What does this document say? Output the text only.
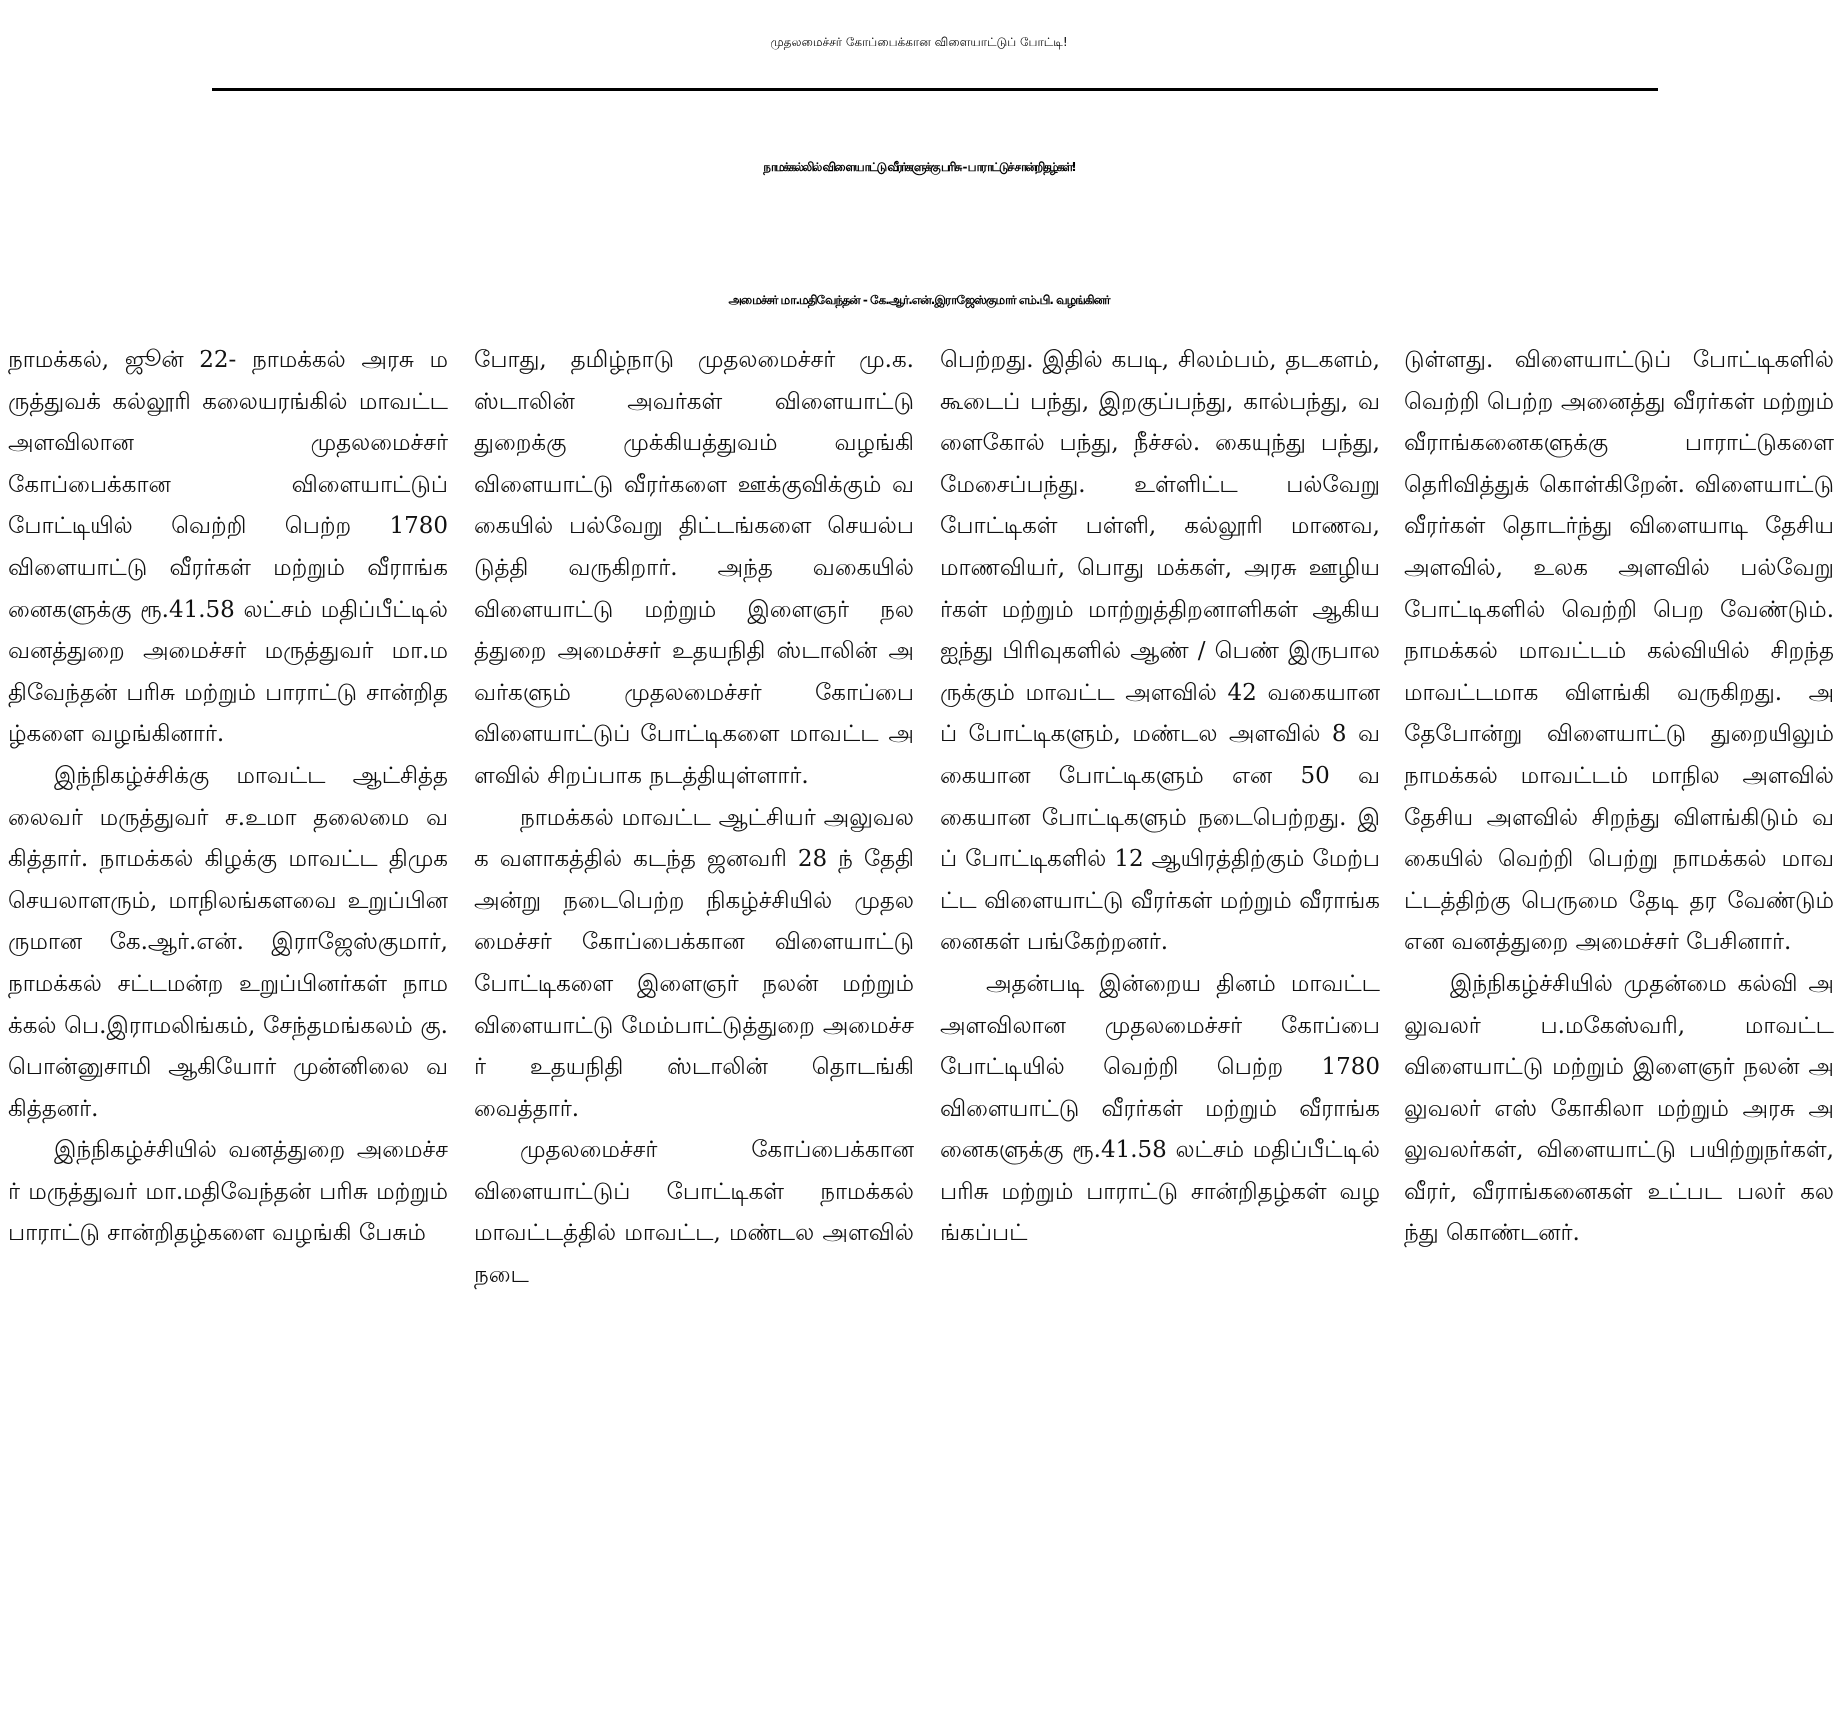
முதலமைச்சர் கோப்பைக்கான விளையாட்டுப் போட்டி!
நாமக்கல்லில் விளையாட்டு வீரர்களுக்கு பரிசு - பாராட்டுச் சான்றிதழ்கள்!
அமைச்சர் மா.மதிவேந்தன் - கே.ஆர்.என்.இராஜேஸ்குமார் எம்.பி. வழங்கினர்

நாமக்கல், ஜூன் 22- நாமக்கல் அரசு மருத்துவக் கல்லூரி கலையரங்கில் மாவட்ட அளவிலான முதலமைச்சர் கோப்பைக்கான விளையாட்டுப் போட்டியில் வெற்றி பெற்ற 1780 விளையாட்டு வீரர்கள் மற்றும் வீராங்கனைகளுக்கு ரூ.41.58 லட்சம் மதிப்பீட்டில் வனத்துறை அமைச்சர் மருத்துவர் மா.மதிவேந்தன் பரிசு மற்றும் பாராட்டு சான்றிதழ்களை வழங்கினார்.

இந்நிகழ்ச்சிக்கு மாவட்ட ஆட்சித்தலைவர் மருத்துவர் ச.உமா தலைமை வகித்தார். நாமக்கல் கிழக்கு மாவட்ட திமுக செயலாளரும், மாநிலங்களவை உறுப்பினருமான கே.ஆர்.என். இராஜேஸ்குமார், நாமக்கல் சட்டமன்ற உறுப்பினர்கள் நாமக்கல் பெ.இராமலிங்கம், சேந்தமங்கலம் கு. பொன்னுசாமி ஆகியோர் முன்னிலை வகித்தனர்.

இந்நிகழ்ச்சியில் வனத்துறை அமைச்சர் மருத்துவர் மா.மதிவேந்தன் பரிசு மற்றும் பாராட்டு சான்றிதழ்களை வழங்கி பேசும்

போது, தமிழ்நாடு முதலமைச்சர் மு.க.ஸ்டாலின் அவர்கள் விளையாட்டு துறைக்கு முக்கியத்துவம் வழங்கி விளையாட்டு வீரர்களை ஊக்குவிக்கும் வகையில் பல்வேறு திட்டங்களை செயல்படுத்தி வருகிறார். அந்த வகையில் விளையாட்டு மற்றும் இளைஞர் நலத்துறை அமைச்சர் உதயநிதி ஸ்டாலின் அவர்களும் முதலமைச்சர் கோப்பை விளையாட்டுப் போட்டிகளை மாவட்ட அளவில் சிறப்பாக நடத்தியுள்ளார்.

நாமக்கல் மாவட்ட ஆட்சியர் அலுவலக வளாகத்தில் கடந்த ஜனவரி 28 ந் தேதி அன்று நடைபெற்ற நிகழ்ச்சியில் முதலமைச்சர் கோப்பைக்கான விளையாட்டு போட்டிகளை இளைஞர் நலன் மற்றும் விளையாட்டு மேம்பாட்டுத்துறை அமைச்சர் உதயநிதி ஸ்டாலின் தொடங்கி வைத்தார்.

முதலமைச்சர் கோப்பைக்கான விளையாட்டுப் போட்டிகள் நாமக்கல் மாவட்டத்தில் மாவட்ட, மண்டல அளவில் நடை

பெற்றது. இதில் கபடி, சிலம்பம், தடகளம், கூடைப் பந்து, இறகுப்பந்து, கால்பந்து, வளைகோல் பந்து, நீச்சல். கையுந்து பந்து, மேசைப்பந்து. உள்ளிட்ட பல்வேறு போட்டிகள் பள்ளி, கல்லூரி மாணவ, மாணவியர், பொது மக்கள், அரசு ஊழியர்கள் மற்றும் மாற்றுத்திறனாளிகள் ஆகிய ஐந்து பிரிவுகளில் ஆண் / பெண் இருபாலருக்கும் மாவட்ட அளவில் 42 வகையானப் போட்டிகளும், மண்டல அளவில் 8 வகையான போட்டிகளும் என 50 வகையான போட்டிகளும் நடைபெற்றது. இப் போட்டிகளில் 12 ஆயிரத்திற்கும் மேற்பட்ட விளையாட்டு வீரர்கள் மற்றும் வீராங்கனைகள் பங்கேற்றனர்.

அதன்படி இன்றைய தினம் மாவட்ட அளவிலான முதலமைச்சர் கோப்பை போட்டியில் வெற்றி பெற்ற 1780 விளையாட்டு வீரர்கள் மற்றும் வீராங்கனைகளுக்கு ரூ.41.58 லட்சம் மதிப்பீட்டில் பரிசு மற்றும் பாராட்டு சான்றிதழ்கள் வழங்கப்பட்

டுள்ளது. விளையாட்டுப் போட்டிகளில் வெற்றி பெற்ற அனைத்து வீரர்கள் மற்றும் வீராங்கனைகளுக்கு பாராட்டுகளை தெரிவித்துக் கொள்கிறேன். விளையாட்டு வீரர்கள் தொடர்ந்து விளையாடி தேசிய அளவில், உலக அளவில் பல்வேறு போட்டிகளில் வெற்றி பெற வேண்டும். நாமக்கல் மாவட்டம் கல்வியில் சிறந்த மாவட்டமாக விளங்கி வருகிறது. அதேபோன்று விளையாட்டு துறையிலும் நாமக்கல் மாவட்டம் மாநில அளவில் தேசிய அளவில் சிறந்து விளங்கிடும் வகையில் வெற்றி பெற்று நாமக்கல் மாவட்டத்திற்கு பெருமை தேடி தர வேண்டும் என வனத்துறை அமைச்சர் பேசினார்.

இந்நிகழ்ச்சியில் முதன்மை கல்வி அலுவலர் ப.மகேஸ்வரி, மாவட்ட விளையாட்டு மற்றும் இளைஞர் நலன் அலுவலர் எஸ் கோகிலா மற்றும் அரசு அலுவலர்கள், விளையாட்டு பயிற்றுநர்கள், வீரர், வீராங்கனைகள் உட்பட பலர் கலந்து கொண்டனர்.
